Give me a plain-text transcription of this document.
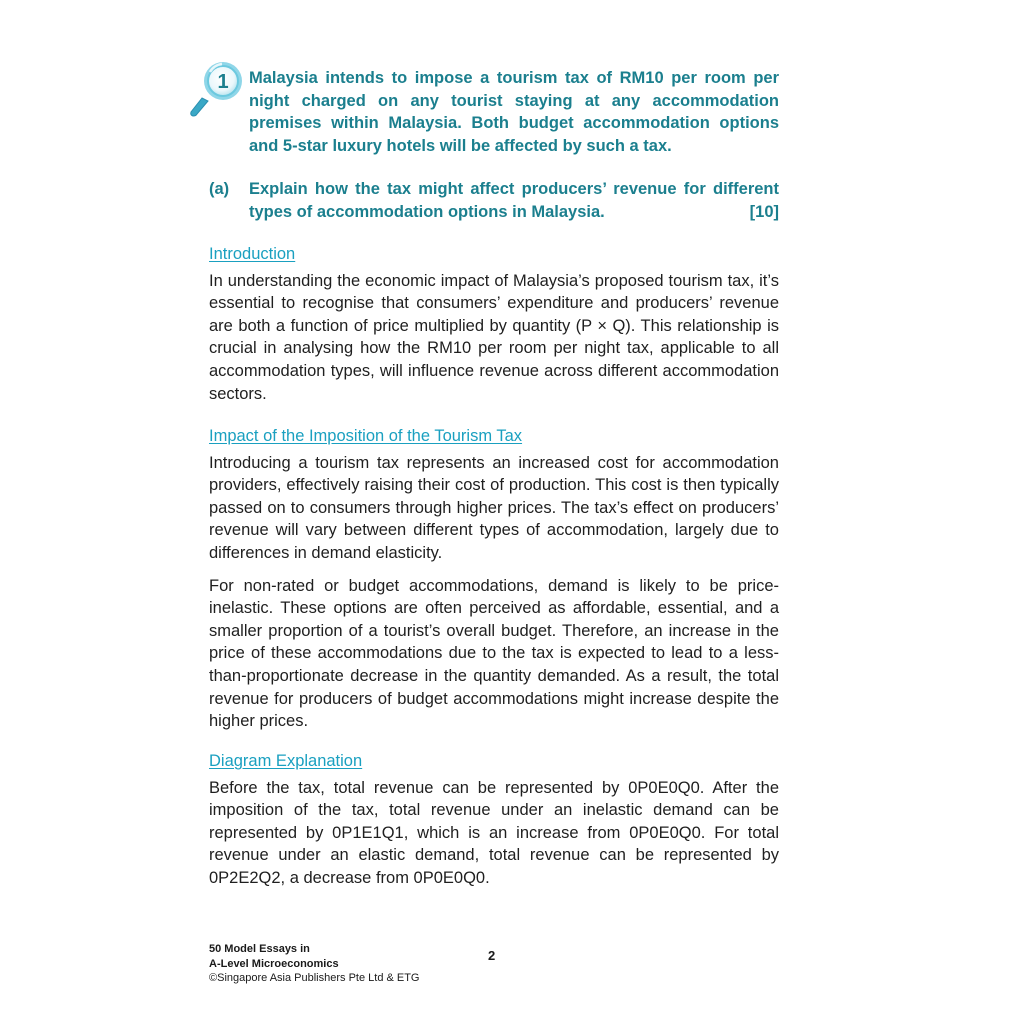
1 Malaysia intends to impose a tourism tax of RM10 per room per night charged on any tourist staying at any accommodation premises within Malaysia. Both budget accommodation options and 5-star luxury hotels will be affected by such a tax.

(a) Explain how the tax might affect producers’ revenue for different types of accommodation options in Malaysia.	[10]
Introduction

In understanding the economic impact of Malaysia’s proposed tourism tax, it’s essential to recognise that consumers’ expenditure and producers’ revenue are both a function of price multiplied by quantity (P × Q). This relationship is crucial in analysing how the RM10 per room per night tax, applicable to all accommodation types, will influence revenue across different accommodation sectors.

Impact of the Imposition of the Tourism Tax

Introducing a tourism tax represents an increased cost for accommodation providers, effectively raising their cost of production. This cost is then typically passed on to consumers through higher prices. The tax’s effect on producers’ revenue will vary between different types of accommodation, largely due to differences in demand elasticity.

For non-rated or budget accommodations, demand is likely to be price-inelastic. These options are often perceived as affordable, essential, and a smaller proportion of a tourist’s overall budget. Therefore, an increase in the price of these accommodations due to the tax is expected to lead to a less-than-proportionate decrease in the quantity demanded. As a result, the total revenue for producers of budget accommodations might increase despite the higher prices.

Diagram Explanation

Before the tax, total revenue can be represented by 0P0E0Q0. After the imposition of the tax, total revenue under an inelastic demand can be represented by 0P1E1Q1, which is an increase from 0P0E0Q0. For total revenue under an elastic demand, total revenue can be represented by 0P2E2Q2, a decrease from 0P0E0Q0.

50 Model Essays in
A-Level Microeconomics
©Singapore Asia Publishers Pte Ltd & ETG
2
